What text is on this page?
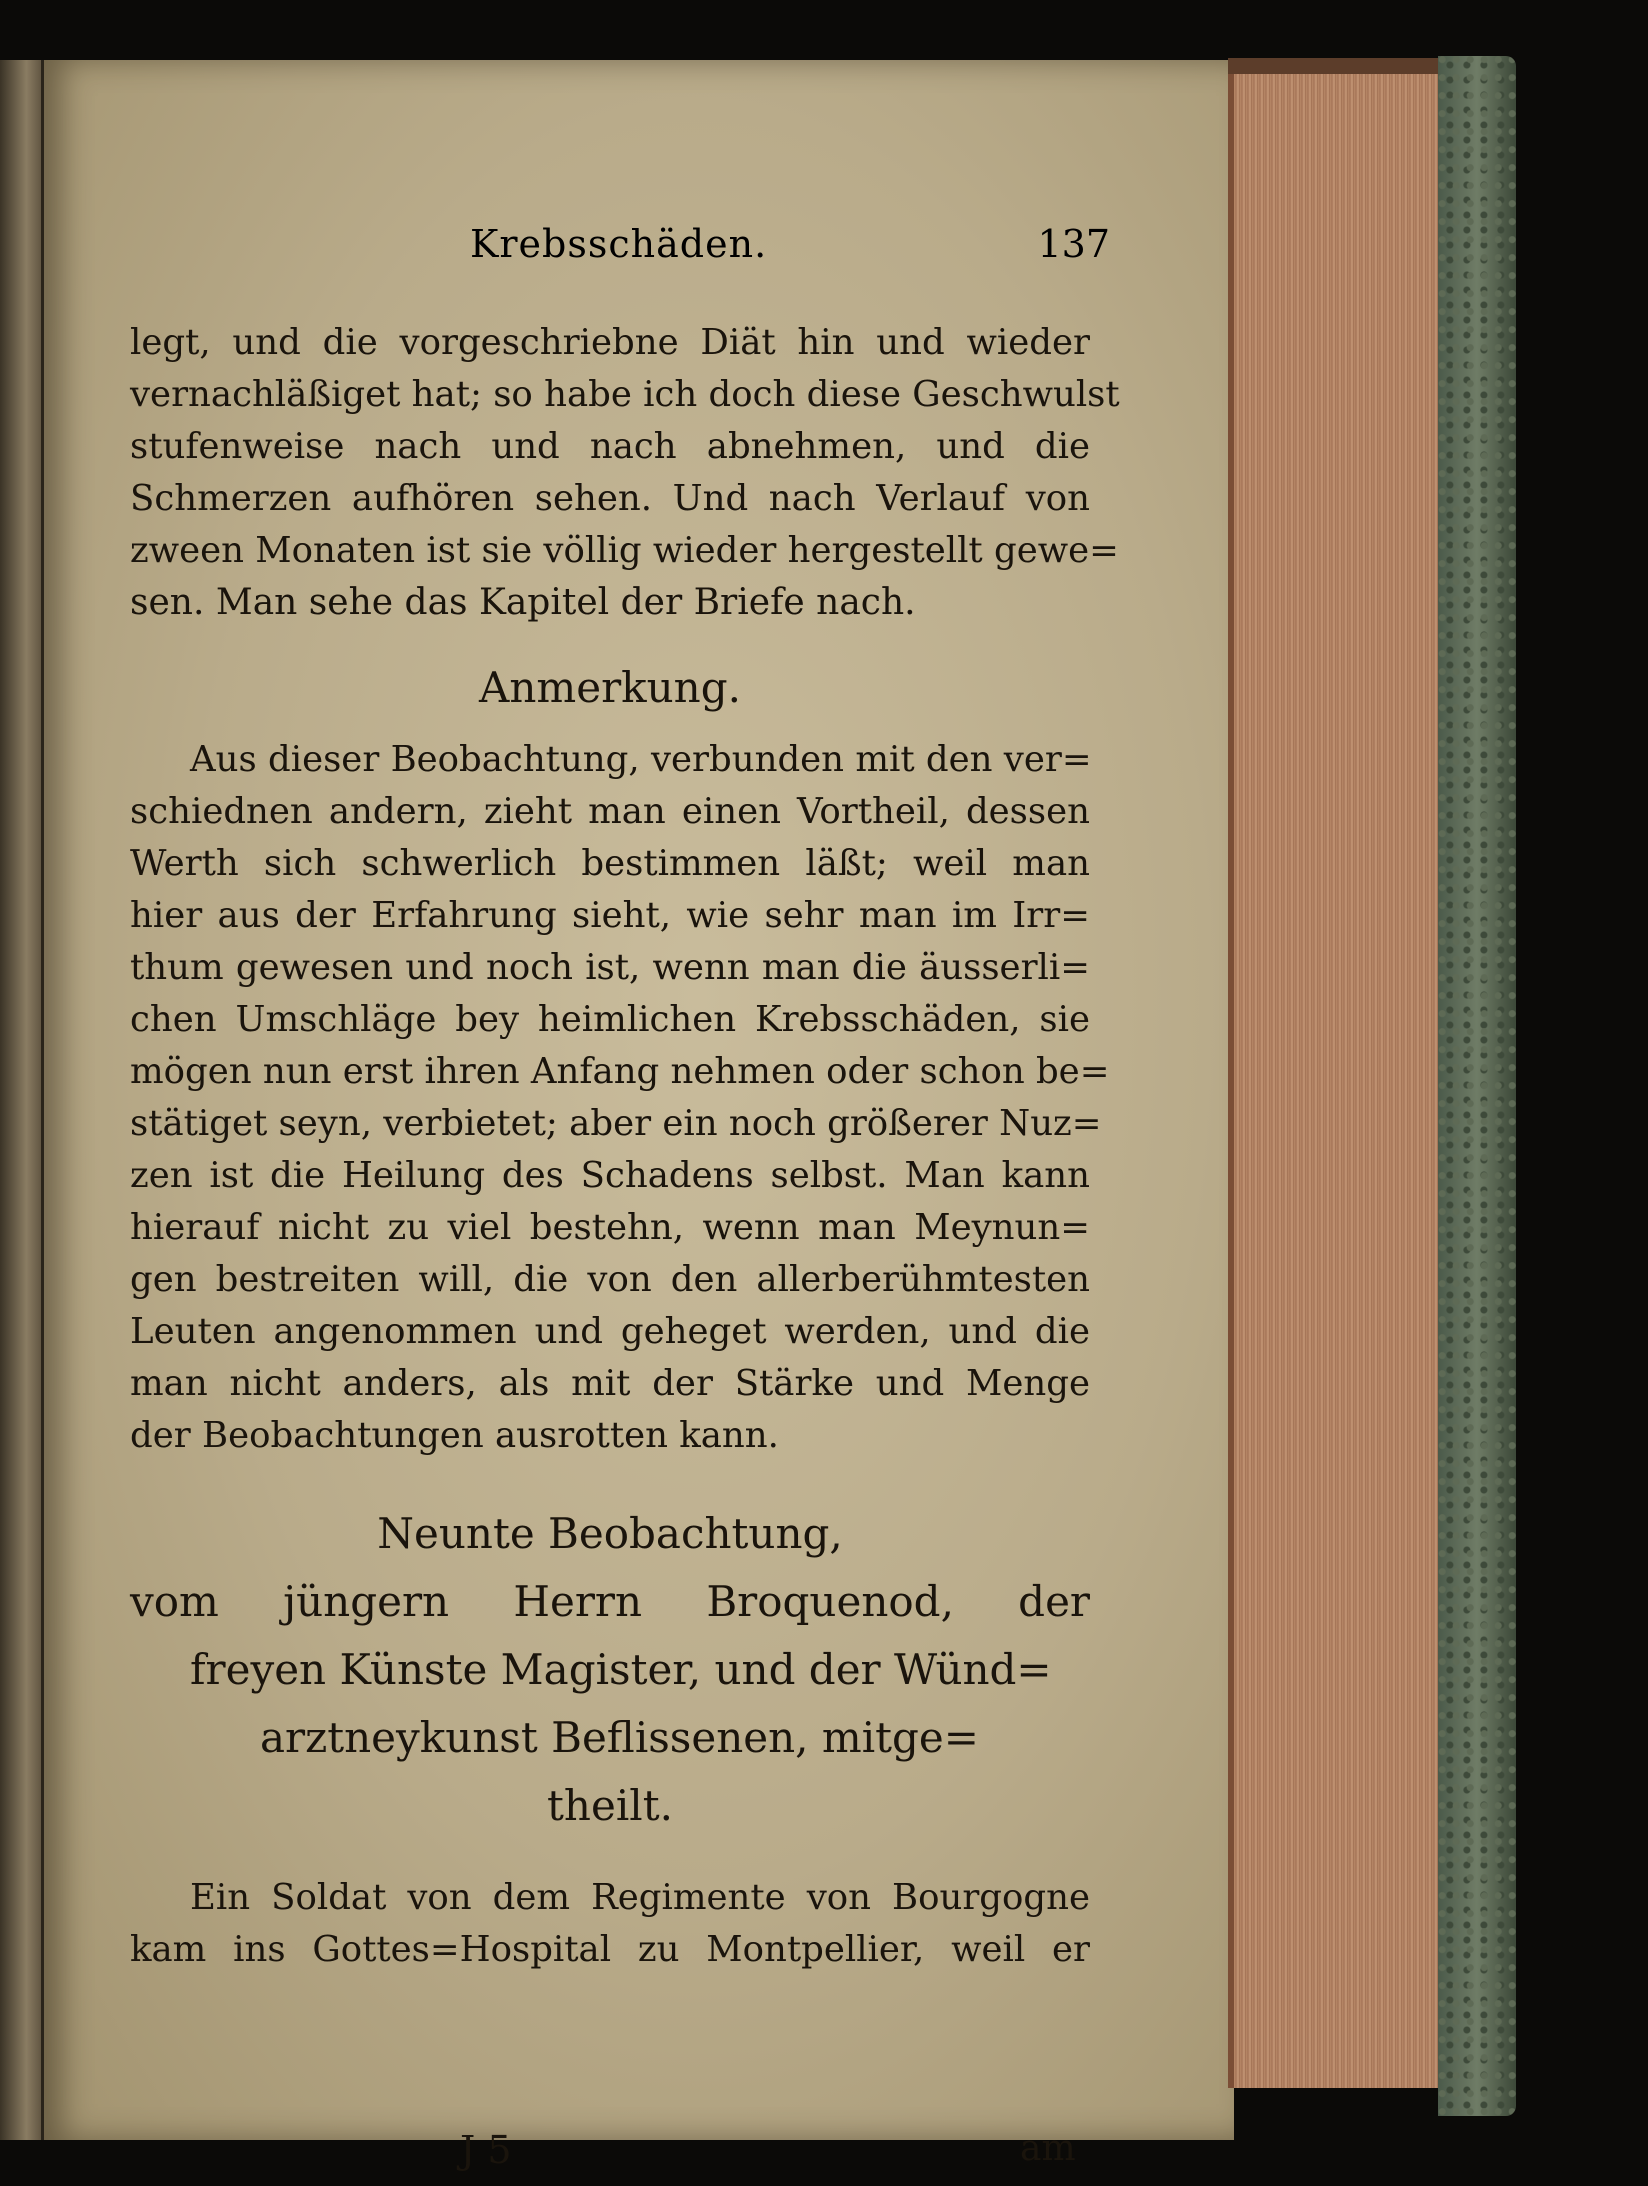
Krebsschäden.	137
legt, und die vorgeschriebne Diät hin und wieder
vernachläßiget hat; so habe ich doch diese Geschwulst
stufenweise nach und nach abnehmen, und die
Schmerzen aufhören sehen. Und nach Verlauf von
zween Monaten ist sie völlig wieder hergestellt gewe=
sen. Man sehe das Kapitel der Briefe nach.
Anmerkung.
Aus dieser Beobachtung, verbunden mit den ver=
schiednen andern, zieht man einen Vortheil, dessen
Werth sich schwerlich bestimmen läßt; weil man
hier aus der Erfahrung sieht, wie sehr man im Irr=
thum gewesen und noch ist, wenn man die äusserli=
chen Umschläge bey heimlichen Krebsschäden, sie
mögen nun erst ihren Anfang nehmen oder schon be=
stätiget seyn, verbietet; aber ein noch größerer Nuz=
zen ist die Heilung des Schadens selbst. Man kann
hierauf nicht zu viel bestehn, wenn man Meynun=
gen bestreiten will, die von den allerberühmtesten
Leuten angenommen und geheget werden, und die
man nicht anders, als mit der Stärke und Menge
der Beobachtungen ausrotten kann.
Neunte Beobachtung,
vom jüngern Herrn Broquenod, der
freyen Künste Magister, und der Wünd=
arztneykunst Beflissenen, mitge=
theilt.
Ein Soldat von dem Regimente von Bourgogne
kam ins Gottes=Hospital zu Montpellier, weil er
J 5	am
